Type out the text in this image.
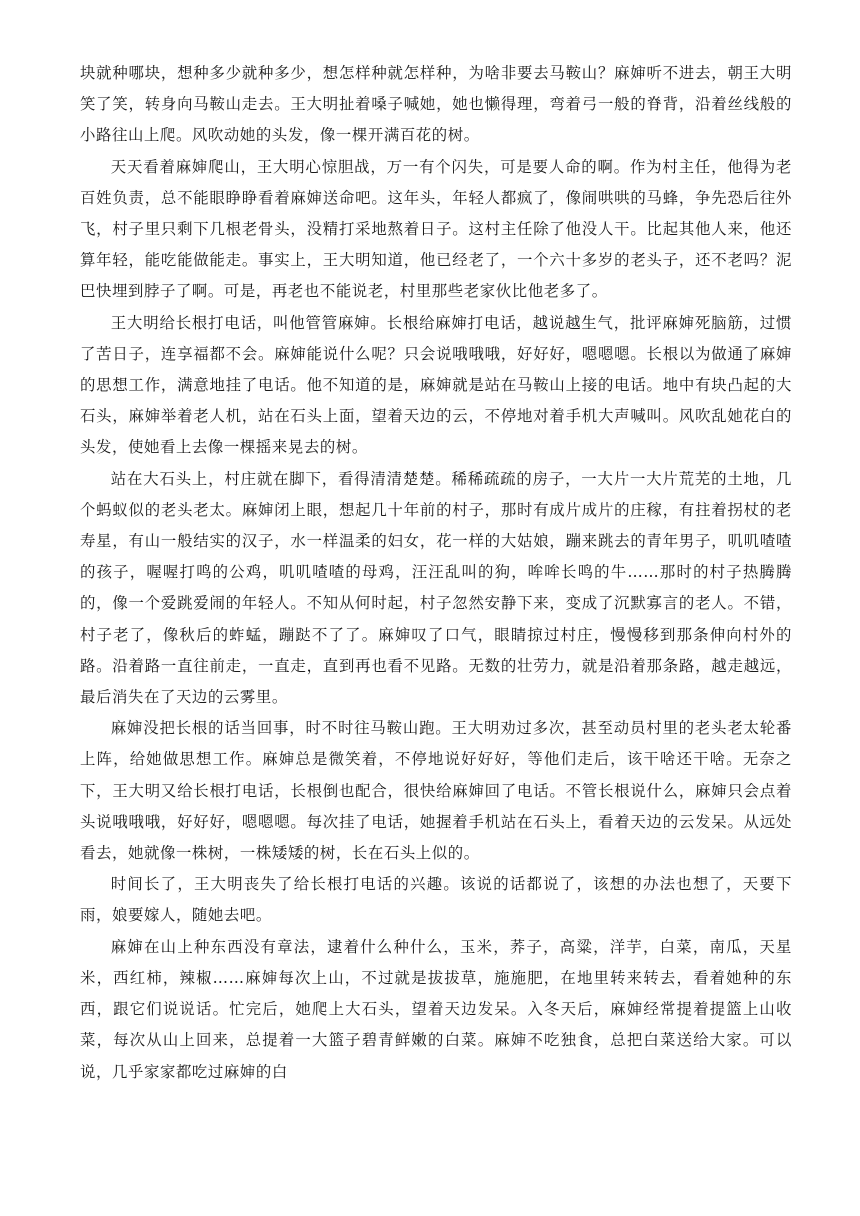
块就种哪块，想种多少就种多少，想怎样种就怎样种，为啥非要去马鞍山？麻婶听不进去，朝王大明笑了笑，转身向马鞍山走去。王大明扯着嗓子喊她，她也懒得理，弯着弓一般的脊背，沿着丝线般的小路往山上爬。风吹动她的头发，像一棵开满百花的树。

天天看着麻婶爬山，王大明心惊胆战，万一有个闪失，可是要人命的啊。作为村主任，他得为老百姓负责，总不能眼睁睁看着麻婶送命吧。这年头，年轻人都疯了，像闹哄哄的马蜂，争先恐后往外飞，村子里只剩下几根老骨头，没精打采地熬着日子。这村主任除了他没人干。比起其他人来，他还算年轻，能吃能做能走。事实上，王大明知道，他已经老了，一个六十多岁的老头子，还不老吗？泥巴快埋到脖子了啊。可是，再老也不能说老，村里那些老家伙比他老多了。

王大明给长根打电话，叫他管管麻婶。长根给麻婶打电话，越说越生气，批评麻婶死脑筋，过惯了苦日子，连享福都不会。麻婶能说什么呢？只会说哦哦哦，好好好，嗯嗯嗯。长根以为做通了麻婶的思想工作，满意地挂了电话。他不知道的是，麻婶就是站在马鞍山上接的电话。地中有块凸起的大石头，麻婶举着老人机，站在石头上面，望着天边的云，不停地对着手机大声喊叫。风吹乱她花白的头发，使她看上去像一棵摇来晃去的树。

站在大石头上，村庄就在脚下，看得清清楚楚。稀稀疏疏的房子，一大片一大片荒芜的土地，几个蚂蚁似的老头老太。麻婶闭上眼，想起几十年前的村子，那时有成片成片的庄稼，有拄着拐杖的老寿星，有山一般结实的汉子，水一样温柔的妇女，花一样的大姑娘，蹦来跳去的青年男子，叽叽喳喳的孩子，喔喔打鸣的公鸡，叽叽喳喳的母鸡，汪汪乱叫的狗，哞哞长鸣的牛……那时的村子热腾腾的，像一个爱跳爱闹的年轻人。不知从何时起，村子忽然安静下来，变成了沉默寡言的老人。不错，村子老了，像秋后的蚱蜢，蹦跶不了了。麻婶叹了口气，眼睛掠过村庄，慢慢移到那条伸向村外的路。沿着路一直往前走，一直走，直到再也看不见路。无数的壮劳力，就是沿着那条路，越走越远，最后消失在了天边的云雾里。

麻婶没把长根的话当回事，时不时往马鞍山跑。王大明劝过多次，甚至动员村里的老头老太轮番上阵，给她做思想工作。麻婶总是微笑着，不停地说好好好，等他们走后，该干啥还干啥。无奈之下，王大明又给长根打电话，长根倒也配合，很快给麻婶回了电话。不管长根说什么，麻婶只会点着头说哦哦哦，好好好，嗯嗯嗯。每次挂了电话，她握着手机站在石头上，看着天边的云发呆。从远处看去，她就像一株树，一株矮矮的树，长在石头上似的。

时间长了，王大明丧失了给长根打电话的兴趣。该说的话都说了，该想的办法也想了，天要下雨，娘要嫁人，随她去吧。

麻婶在山上种东西没有章法，逮着什么种什么，玉米，荞子，高粱，洋芋，白菜，南瓜，天星米，西红柿，辣椒……麻婶每次上山，不过就是拔拔草，施施肥，在地里转来转去，看着她种的东西，跟它们说说话。忙完后，她爬上大石头，望着天边发呆。入冬天后，麻婶经常提着提篮上山收菜，每次从山上回来，总提着一大篮子碧青鲜嫩的白菜。麻婶不吃独食，总把白菜送给大家。可以说，几乎家家都吃过麻婶的白
